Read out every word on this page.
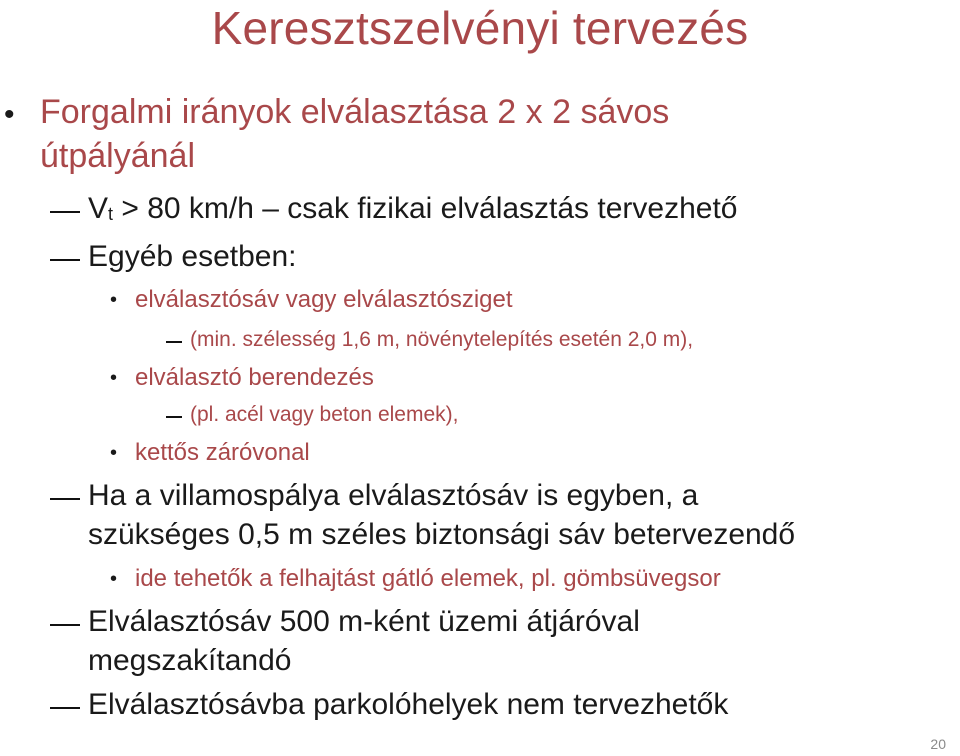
Keresztszelvényi tervezés
• Forgalmi irányok elválasztása 2 x 2 sávos
útpályánál
Vt > 80 km/h – csak fizikai elválasztás tervezhető
Egyéb esetben:
• elválasztósáv vagy elválasztósziget
(min. szélesség 1,6 m, növénytelepítés esetén 2,0 m),
• elválasztó berendezés
(pl. acél vagy beton elemek),
• kettős záróvonal
Ha a villamospálya elválasztósáv is egyben, a
szükséges 0,5 m széles biztonsági sáv betervezendő
• ide tehetők a felhajtást gátló elemek, pl. gömbsüvegsor
Elválasztósáv 500 m-ként üzemi átjáróval
megszakítandó
Elválasztósávba parkolóhelyek nem tervezhetők
20
